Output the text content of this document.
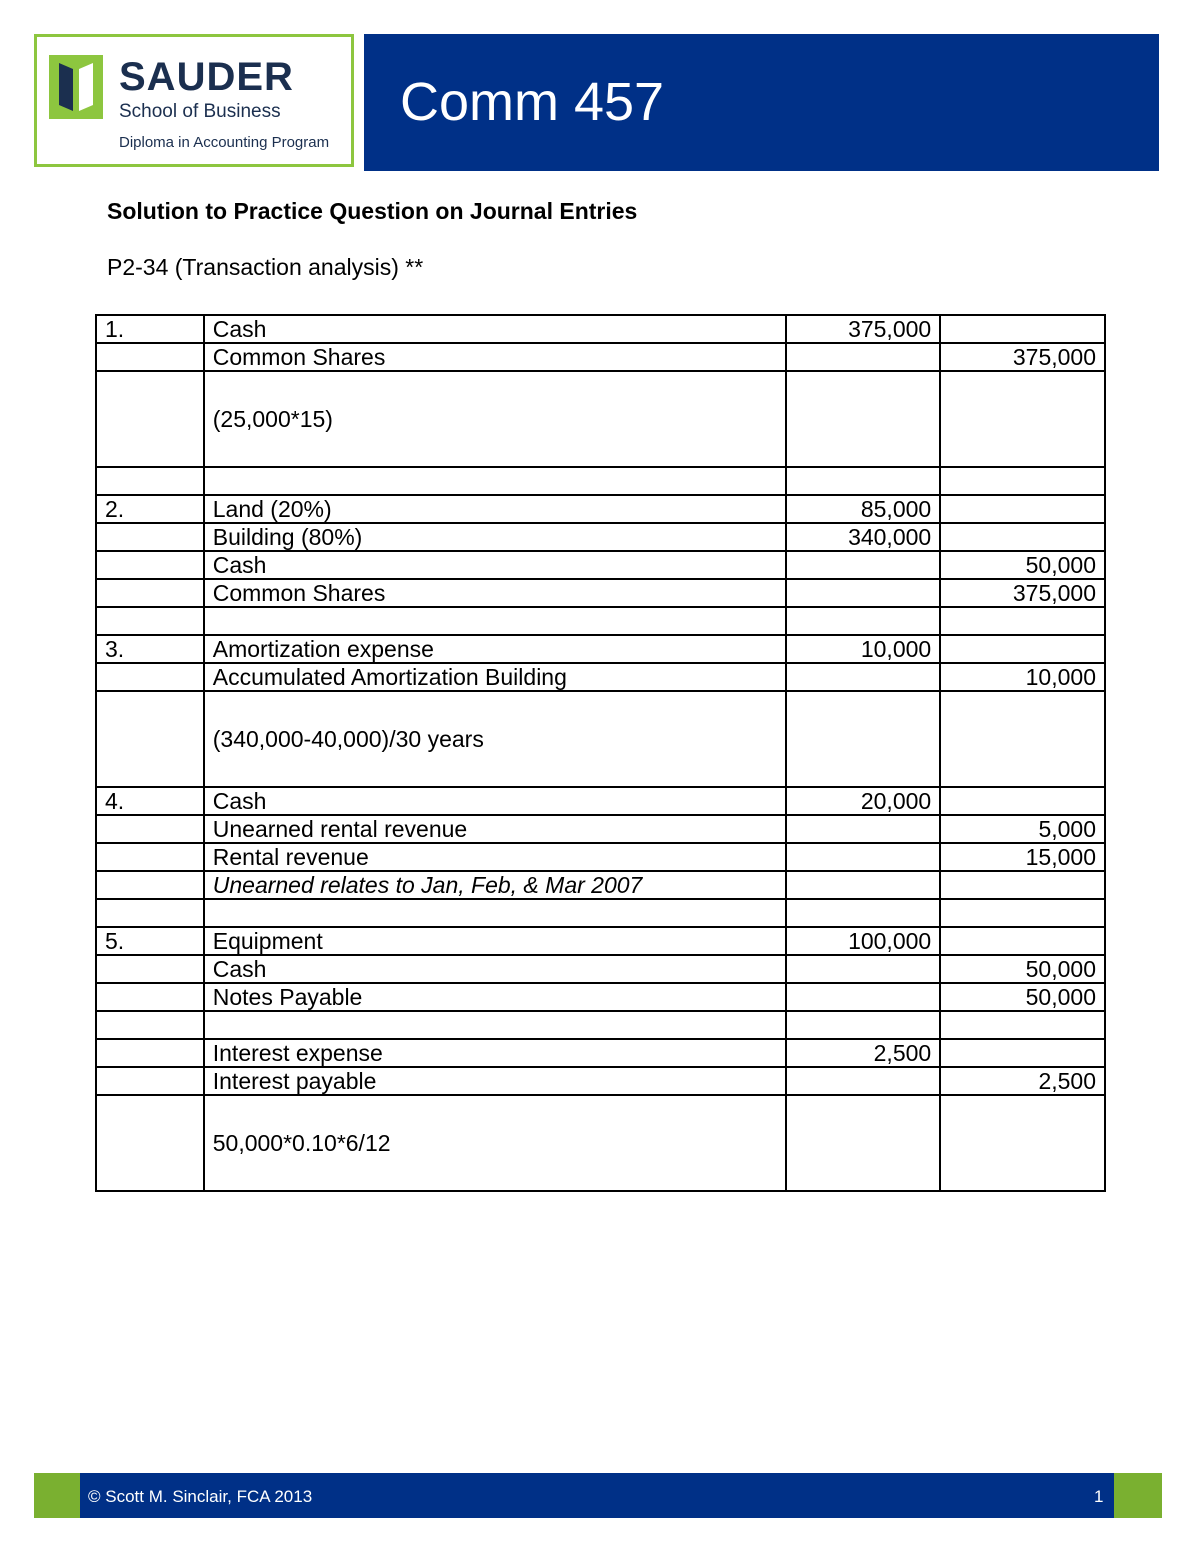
SAUDER
School of Business
Diploma in Accounting Program
Comm 457
Solution to Practice Question on Journal Entries
P2-34 (Transaction analysis) **
1.	Cash	375,000	
	Common Shares		375,000
	(25,000*15)		

2.	Land (20%)	85,000	
	Building (80%)	340,000	
	Cash		50,000
	Common Shares		375,000

3.	Amortization expense	10,000	
	Accumulated Amortization Building		10,000
	(340,000-40,000)/30 years		
4.	Cash	20,000	
	Unearned rental revenue		5,000
	Rental revenue		15,000
	Unearned relates to Jan, Feb, & Mar 2007		

5.	Equipment	100,000	
	Cash		50,000
	Notes Payable		50,000

	Interest expense	2,500	
	Interest payable		2,500
	50,000*0.10*6/12		
© Scott M. Sinclair, FCA 2013	1
